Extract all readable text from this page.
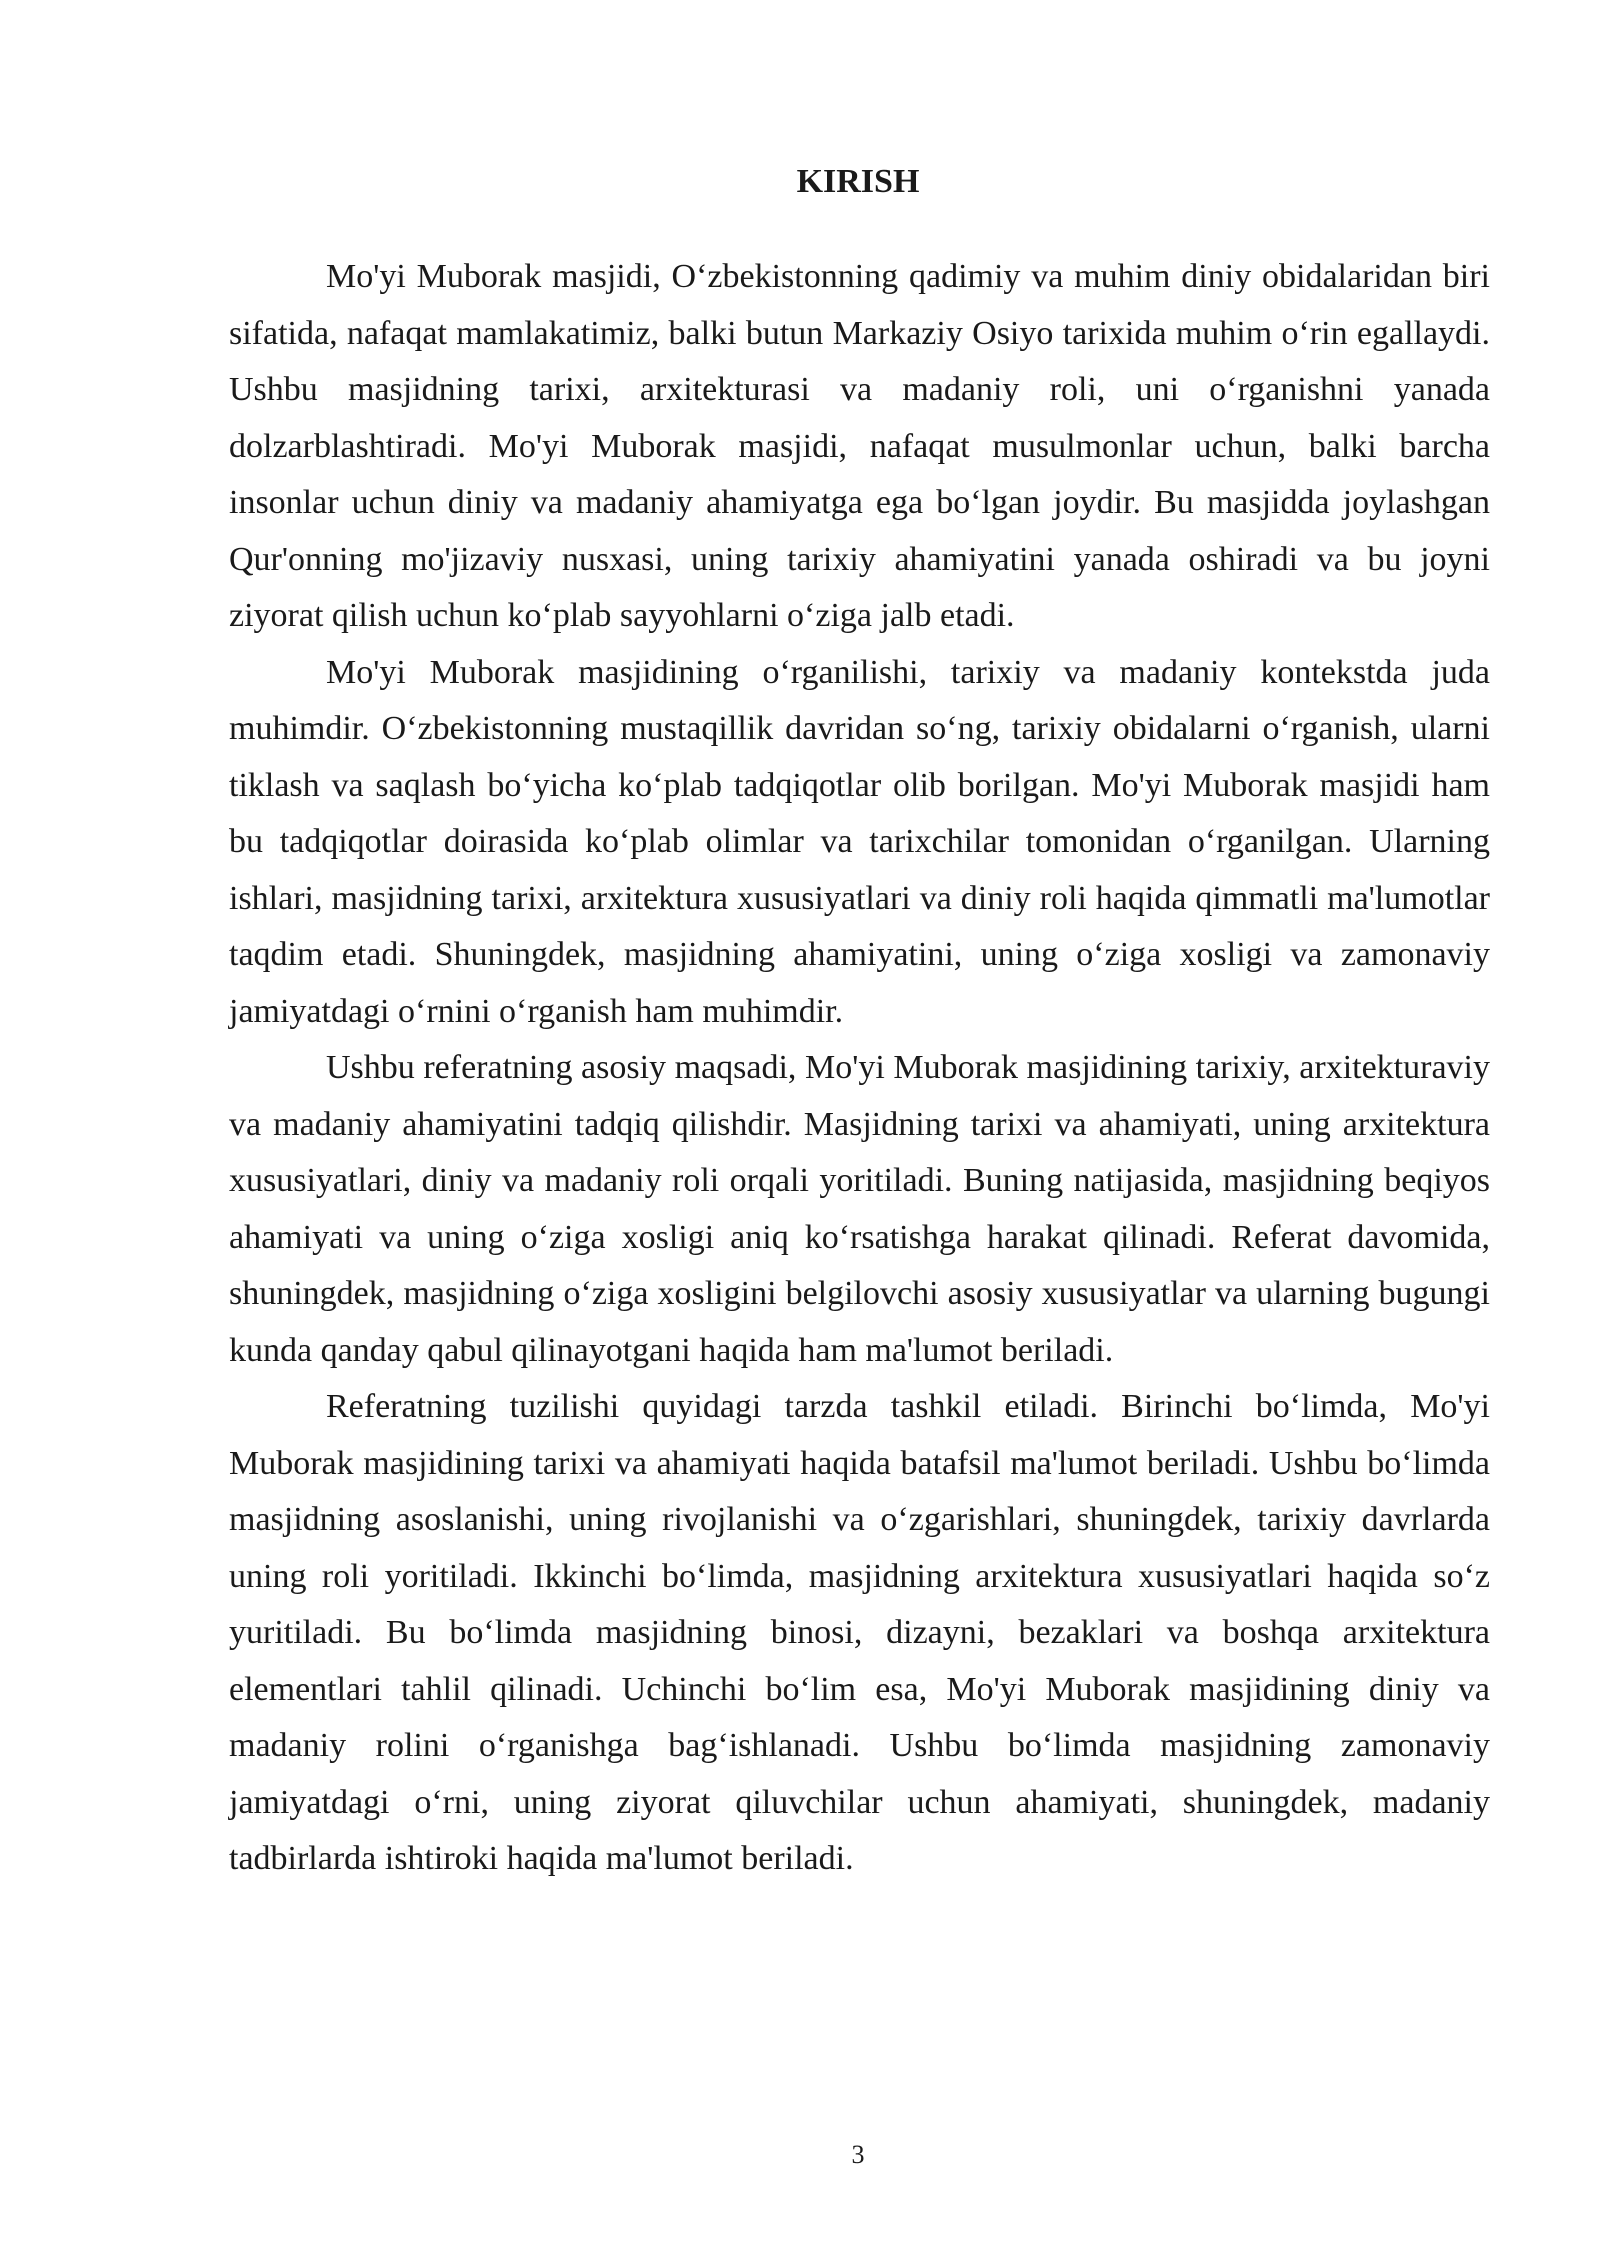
KIRISH

Mo'yi Muborak masjidi, O‘zbekistonning qadimiy va muhim diniy obidalaridan biri sifatida, nafaqat mamlakatimiz, balki butun Markaziy Osiyo tarixida muhim o‘rin egallaydi. Ushbu masjidning tarixi, arxitekturasi va madaniy roli, uni o‘rganishni yanada dolzarblashtiradi. Mo'yi Muborak masjidi, nafaqat musulmonlar uchun, balki barcha insonlar uchun diniy va madaniy ahamiyatga ega bo‘lgan joydir. Bu masjidda joylashgan Qur'onning mo'jizaviy nusxasi, uning tarixiy ahamiyatini yanada oshiradi va bu joyni ziyorat qilish uchun ko‘plab sayyohlarni o‘ziga jalb etadi.

Mo'yi Muborak masjidining o‘rganilishi, tarixiy va madaniy kontekstda juda muhimdir. O‘zbekistonning mustaqillik davridan so‘ng, tarixiy obidalarni o‘rganish, ularni tiklash va saqlash bo‘yicha ko‘plab tadqiqotlar olib borilgan. Mo'yi Muborak masjidi ham bu tadqiqotlar doirasida ko‘plab olimlar va tarixchilar tomonidan o‘rganilgan. Ularning ishlari, masjidning tarixi, arxitektura xususiyatlari va diniy roli haqida qimmatli ma'lumotlar taqdim etadi. Shuningdek, masjidning ahamiyatini, uning o‘ziga xosligi va zamonaviy jamiyatdagi o‘rnini o‘rganish ham muhimdir.

Ushbu referatning asosiy maqsadi, Mo'yi Muborak masjidining tarixiy, arxitekturaviy va madaniy ahamiyatini tadqiq qilishdir. Masjidning tarixi va ahamiyati, uning arxitektura xususiyatlari, diniy va madaniy roli orqali yoritiladi. Buning natijasida, masjidning beqiyos ahamiyati va uning o‘ziga xosligi aniq ko‘rsatishga harakat qilinadi. Referat davomida, shuningdek, masjidning o‘ziga xosligini belgilovchi asosiy xususiyatlar va ularning bugungi kunda qanday qabul qilinayotgani haqida ham ma'lumot beriladi.

Referatning tuzilishi quyidagi tarzda tashkil etiladi. Birinchi bo‘limda, Mo'yi Muborak masjidining tarixi va ahamiyati haqida batafsil ma'lumot beriladi. Ushbu bo‘limda masjidning asoslanishi, uning rivojlanishi va o‘zgarishlari, shuningdek, tarixiy davrlarda uning roli yoritiladi. Ikkinchi bo‘limda, masjidning arxitektura xususiyatlari haqida so‘z yuritiladi. Bu bo‘limda masjidning binosi, dizayni, bezaklari va boshqa arxitektura elementlari tahlil qilinadi. Uchinchi bo‘lim esa, Mo'yi Muborak masjidining diniy va madaniy rolini o‘rganishga bag‘ishlanadi. Ushbu bo‘limda masjidning zamonaviy jamiyatdagi o‘rni, uning ziyorat qiluvchilar uchun ahamiyati, shuningdek, madaniy tadbirlarda ishtiroki haqida ma'lumot beriladi.

3
